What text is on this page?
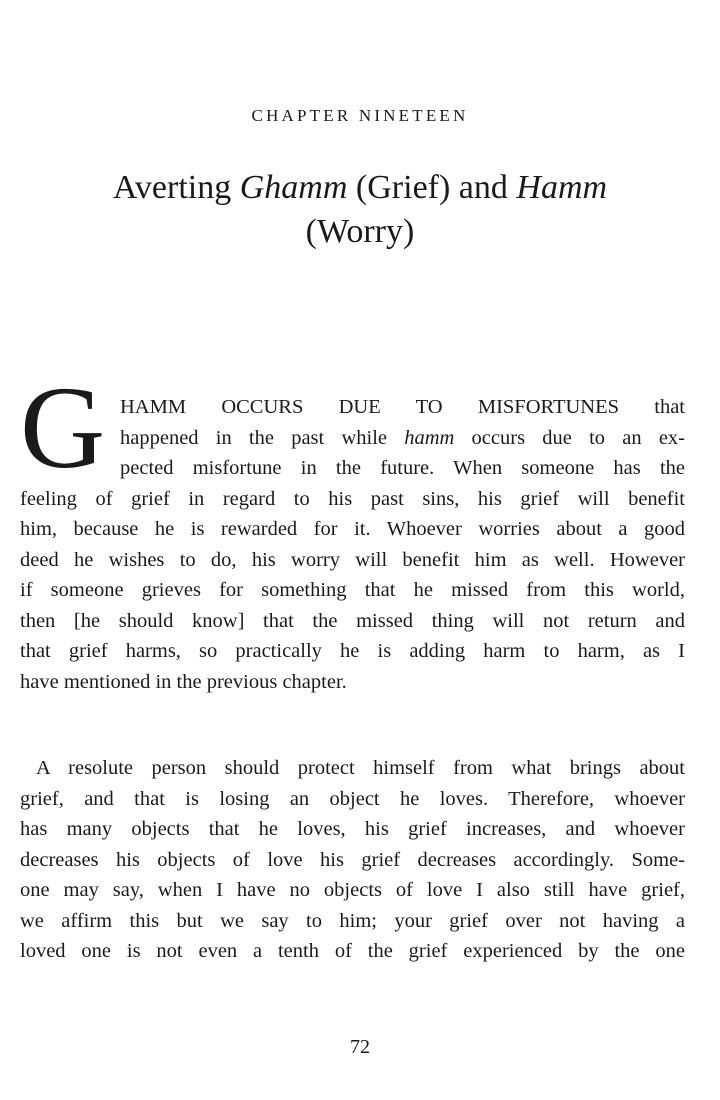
CHAPTER NINETEEN
Averting Ghamm (Grief) and Hamm
(Worry)
G HAMM OCCURS DUE TO MISFORTUNES that
happened in the past while hamm occurs due to an ex-
pected misfortune in the future. When someone has the
feeling of grief in regard to his past sins, his grief will benefit
him, because he is rewarded for it. Whoever worries about a good
deed he wishes to do, his worry will benefit him as well. However
if someone grieves for something that he missed from this world,
then [he should know] that the missed thing will not return and
that grief harms, so practically he is adding harm to harm, as I
have mentioned in the previous chapter.
A resolute person should protect himself from what brings about
grief, and that is losing an object he loves. Therefore, whoever
has many objects that he loves, his grief increases, and whoever
decreases his objects of love his grief decreases accordingly. Some-
one may say, when I have no objects of love I also still have grief,
we affirm this but we say to him; your grief over not having a
loved one is not even a tenth of the grief experienced by the one
72
